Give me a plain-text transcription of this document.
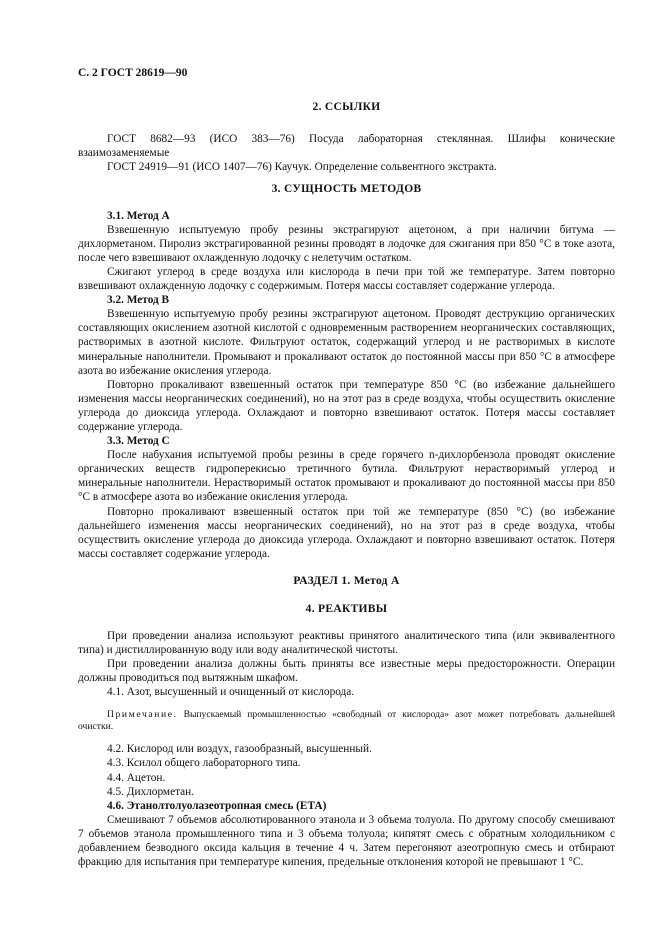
С. 2 ГОСТ 28619—90
2. ССЫЛКИ

ГОСТ 8682—93 (ИСО 383—76) Посуда лабораторная стеклянная. Шлифы конические взаимозаменяемые

ГОСТ 24919—91 (ИСО 1407—76) Каучук. Определение сольвентного экстракта.

3. СУЩНОСТЬ МЕТОДОВ

3.1. Метод А

Взвешенную испытуемую пробу резины экстрагируют ацетоном, а при наличии битума — дихлорметаном. Пиролиз экстрагированной резины проводят в лодочке для сжигания при 850 °С в токе азота, после чего взвешивают охлажденную лодочку с нелетучим остатком.

Сжигают углерод в среде воздуха или кислорода в печи при той же температуре. Затем повторно взвешивают охлажденную лодочку с содержимым. Потеря массы составляет содержание углерода.

3.2. Метод В

Взвешенную испытуемую пробу резины экстрагируют ацетоном. Проводят деструкцию органических составляющих окислением азотной кислотой с одновременным растворением неорганических составляющих, растворимых в азотной кислоте. Фильтруют остаток, содержащий углерод и не растворимых в кислоте минеральные наполнители. Промывают и прокаливают остаток до постоянной массы при 850 °С в атмосфере азота во избежание окисления углерода.

Повторно прокаливают взвешенный остаток при температуре 850 °С (во избежание дальнейшего изменения массы неорганических соединений), но на этот раз в среде воздуха, чтобы осуществить окисление углерода до диоксида углерода. Охлаждают и повторно взвешивают остаток. Потеря массы составляет содержание углерода.

3.3. Метод С

После набухания испытуемой пробы резины в среде горячего n-дихлорбензола проводят окисление органических веществ гидроперекисью третичного бутила. Фильтруют нерастворимый углерод и минеральные наполнители. Нерастворимый остаток промывают и прокаливают до постоянной массы при 850 °С в атмосфере азота во избежание окисления углерода.

Повторно прокаливают взвешенный остаток при той же температуре (850 °С) (во избежание дальнейшего изменения массы неорганических соединений), но на этот раз в среде воздуха, чтобы осуществить окисление углерода до диоксида углерода. Охлаждают и повторно взвешивают остаток. Потеря массы составляет содержание углерода.

РАЗДЕЛ 1. Метод А
4. РЕАКТИВЫ

При проведении анализа используют реактивы принятого аналитического типа (или эквивалентного типа) и дистиллированную воду или воду аналитической чистоты.

При проведении анализа должны быть приняты все известные меры предосторожности. Операции должны проводиться под вытяжным шкафом.

4.1. Азот, высушенный и очищенный от кислорода.

Примечание. Выпускаемый промышленностью «свободный от кислорода» азот может потребовать дальнейшей очистки.

4.2. Кислород или воздух, газообразный, высушенный.

4.3. Ксилол общего лабораторного типа.

4.4. Ацетон.

4.5. Дихлорметан.

4.6. Этанолтолуолазеотропная смесь (ЕТА)

Смешивают 7 объемов абсолютированного этанола и 3 объема толуола. По другому способу смешивают 7 объемов этанола промышленного типа и 3 объема толуола; кипятят смесь с обратным холодильником с добавлением безводного оксида кальция в течение 4 ч. Затем перегоняют азеотропную смесь и отбирают фракцию для испытания при температуре кипения, предельные отклонения которой не превышают 1 °С.
